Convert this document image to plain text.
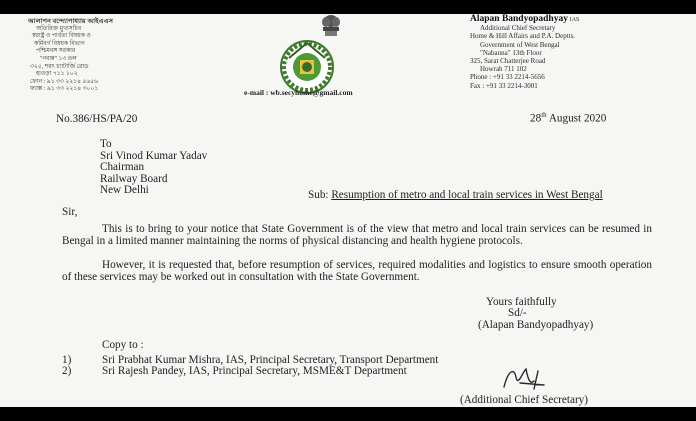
আলাপন বন্দ্যোপাধ্যায় আইএএস
অতিরিক্ত মুখ্যসচিব
স্বরাষ্ট্র ও পার্বত্য বিষয়ক ও
কর্মিবর্গ বিষয়ক বিভাগ
পশ্চিমবঙ্গ সরকার
"নবান্ন" ১৩ তল
৩২৫, শরৎ চ্যাটার্জি রোড
হাওড়া ৭১১ ১০২
ফোন : ৯১ ৩৩ ২২১৪ ৫৬৫৬
ফ্যাক্স : ৯১ ৩৩ ২২১৪ ৩০০১	e-mail : wb.secyhome@gmail.com
Alapan Bandyopadhyay IAS
Additional Chief Secretary
Home & Hill Affairs and P.A. Deptts.
Government of West Bengal
"Nabanna" 13th Floor
325, Sarat Chatterjee Road
Howrah 711 102
Phone : +91 33 2214-5656
Fax : +91 33 2214-3001
No.386/HS/PA/20	28th August 2020
To
Sri Vinod Kumar Yadav
Chairman
Railway Board
New Delhi	Sub: Resumption of metro and local train services in West Bengal
Sir,
This is to bring to your notice that State Government is of the view that metro and local train services can be resumed in Bengal in a limited manner maintaining the norms of physical distancing and health hygiene protocols.
However, it is requested that, before resumption of services, required modalities and logistics to ensure smooth operation of these services may be worked out in consultation with the State Government.
Yours faithfully
Sd/-
(Alapan Bandyopadhyay)
Copy to :
1)	Sri Prabhat Kumar Mishra, IAS, Principal Secretary, Transport Department
2)	Sri Rajesh Pandey, IAS, Principal Secretary, MSME&T Department
(Additional Chief Secretary)
